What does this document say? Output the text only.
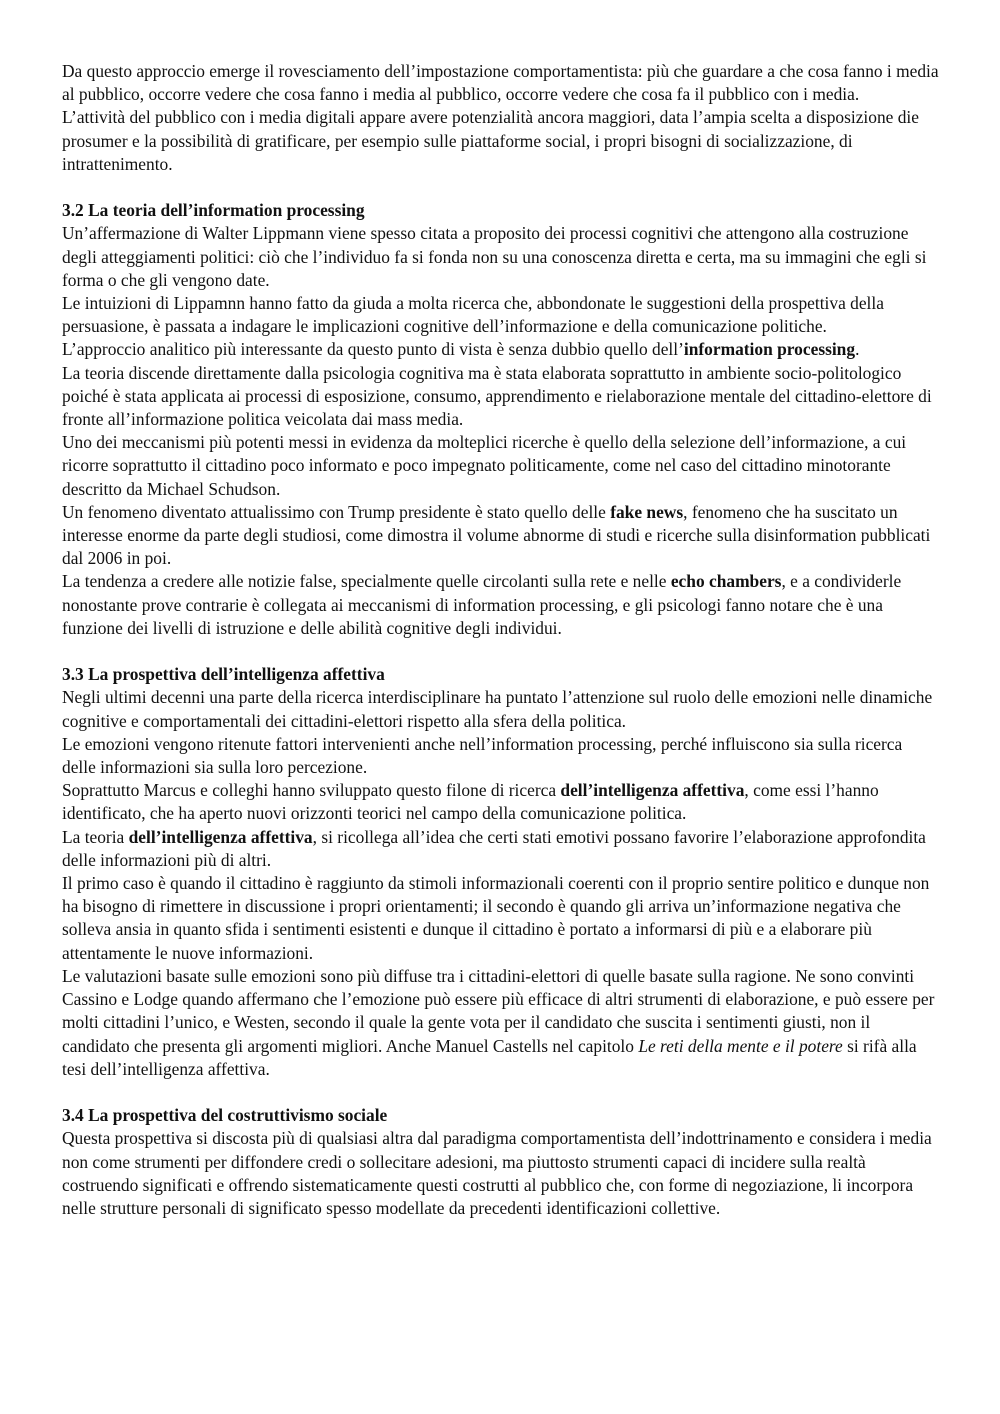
Da questo approccio emerge il rovesciamento dell’impostazione comportamentista: più che guardare a che cosa fanno i media al pubblico, occorre vedere che cosa fanno i media al pubblico, occorre vedere che cosa fa il pubblico con i media.

L’attività del pubblico con i media digitali appare avere potenzialità ancora maggiori, data l’ampia scelta a disposizione die prosumer e la possibilità di gratificare, per esempio sulle piattaforme social, i propri bisogni di socializzazione, di intrattenimento.

3.2 La teoria dell’information processing

Un’affermazione di Walter Lippmann viene spesso citata a proposito dei processi cognitivi che attengono alla costruzione degli atteggiamenti politici: ciò che l’individuo fa si fonda non su una conoscenza diretta e certa, ma su immagini che egli si forma o che gli vengono date.

Le intuizioni di Lippamnn hanno fatto da giuda a molta ricerca che, abbondonate le suggestioni della prospettiva della persuasione, è passata a indagare le implicazioni cognitive dell’informazione e della comunicazione politiche.

L’approccio analitico più interessante da questo punto di vista è senza dubbio quello dell’information processing.

La teoria discende direttamente dalla psicologia cognitiva ma è stata elaborata soprattutto in ambiente socio-politologico poiché è stata applicata ai processi di esposizione, consumo, apprendimento e rielaborazione mentale del cittadino-elettore di fronte all’informazione politica veicolata dai mass media.

Uno dei meccanismi più potenti messi in evidenza da molteplici ricerche è quello della selezione dell’informazione, a cui ricorre soprattutto il cittadino poco informato e poco impegnato politicamente, come nel caso del cittadino minotorante descritto da Michael Schudson.

Un fenomeno diventato attualissimo con Trump presidente è stato quello delle fake news, fenomeno che ha suscitato un interesse enorme da parte degli studiosi, come dimostra il volume abnorme di studi e ricerche sulla disinformation pubblicati dal 2006 in poi.

La tendenza a credere alle notizie false, specialmente quelle circolanti sulla rete e nelle echo chambers, e a condividerle nonostante prove contrarie è collegata ai meccanismi di information processing, e gli psicologi fanno notare che è una funzione dei livelli di istruzione e delle abilità cognitive degli individui.

3.3 La prospettiva dell’intelligenza affettiva

Negli ultimi decenni una parte della ricerca interdisciplinare ha puntato l’attenzione sul ruolo delle emozioni nelle dinamiche cognitive e comportamentali dei cittadini-elettori rispetto alla sfera della politica.

Le emozioni vengono ritenute fattori intervenienti anche nell’information processing, perché influiscono sia sulla ricerca delle informazioni sia sulla loro percezione.

Soprattutto Marcus e colleghi hanno sviluppato questo filone di ricerca dell’intelligenza affettiva, come essi l’hanno identificato, che ha aperto nuovi orizzonti teorici nel campo della comunicazione politica.

La teoria dell’intelligenza affettiva, si ricollega all’idea che certi stati emotivi possano favorire l’elaborazione approfondita delle informazioni più di altri.

Il primo caso è quando il cittadino è raggiunto da stimoli informazionali coerenti con il proprio sentire politico e dunque non ha bisogno di rimettere in discussione i propri orientamenti; il secondo è quando gli arriva un’informazione negativa che solleva ansia in quanto sfida i sentimenti esistenti e dunque il cittadino è portato a informarsi di più e a elaborare più attentamente le nuove informazioni.

Le valutazioni basate sulle emozioni sono più diffuse tra i cittadini-elettori di quelle basate sulla ragione. Ne sono convinti Cassino e Lodge quando affermano che l’emozione può essere più efficace di altri strumenti di elaborazione, e può essere per molti cittadini l’unico, e Westen, secondo il quale la gente vota per il candidato che suscita i sentimenti giusti, non il candidato che presenta gli argomenti migliori. Anche Manuel Castells nel capitolo Le reti della mente e il potere si rifà alla tesi dell’intelligenza affettiva.

3.4 La prospettiva del costruttivismo sociale

Questa prospettiva si discosta più di qualsiasi altra dal paradigma comportamentista dell’indottrinamento e considera i media non come strumenti per diffondere credi o sollecitare adesioni, ma piuttosto strumenti capaci di incidere sulla realtà costruendo significati e offrendo sistematicamente questi costrutti al pubblico che, con forme di negoziazione, li incorpora nelle strutture personali di significato spesso modellate da precedenti identificazioni collettive.
